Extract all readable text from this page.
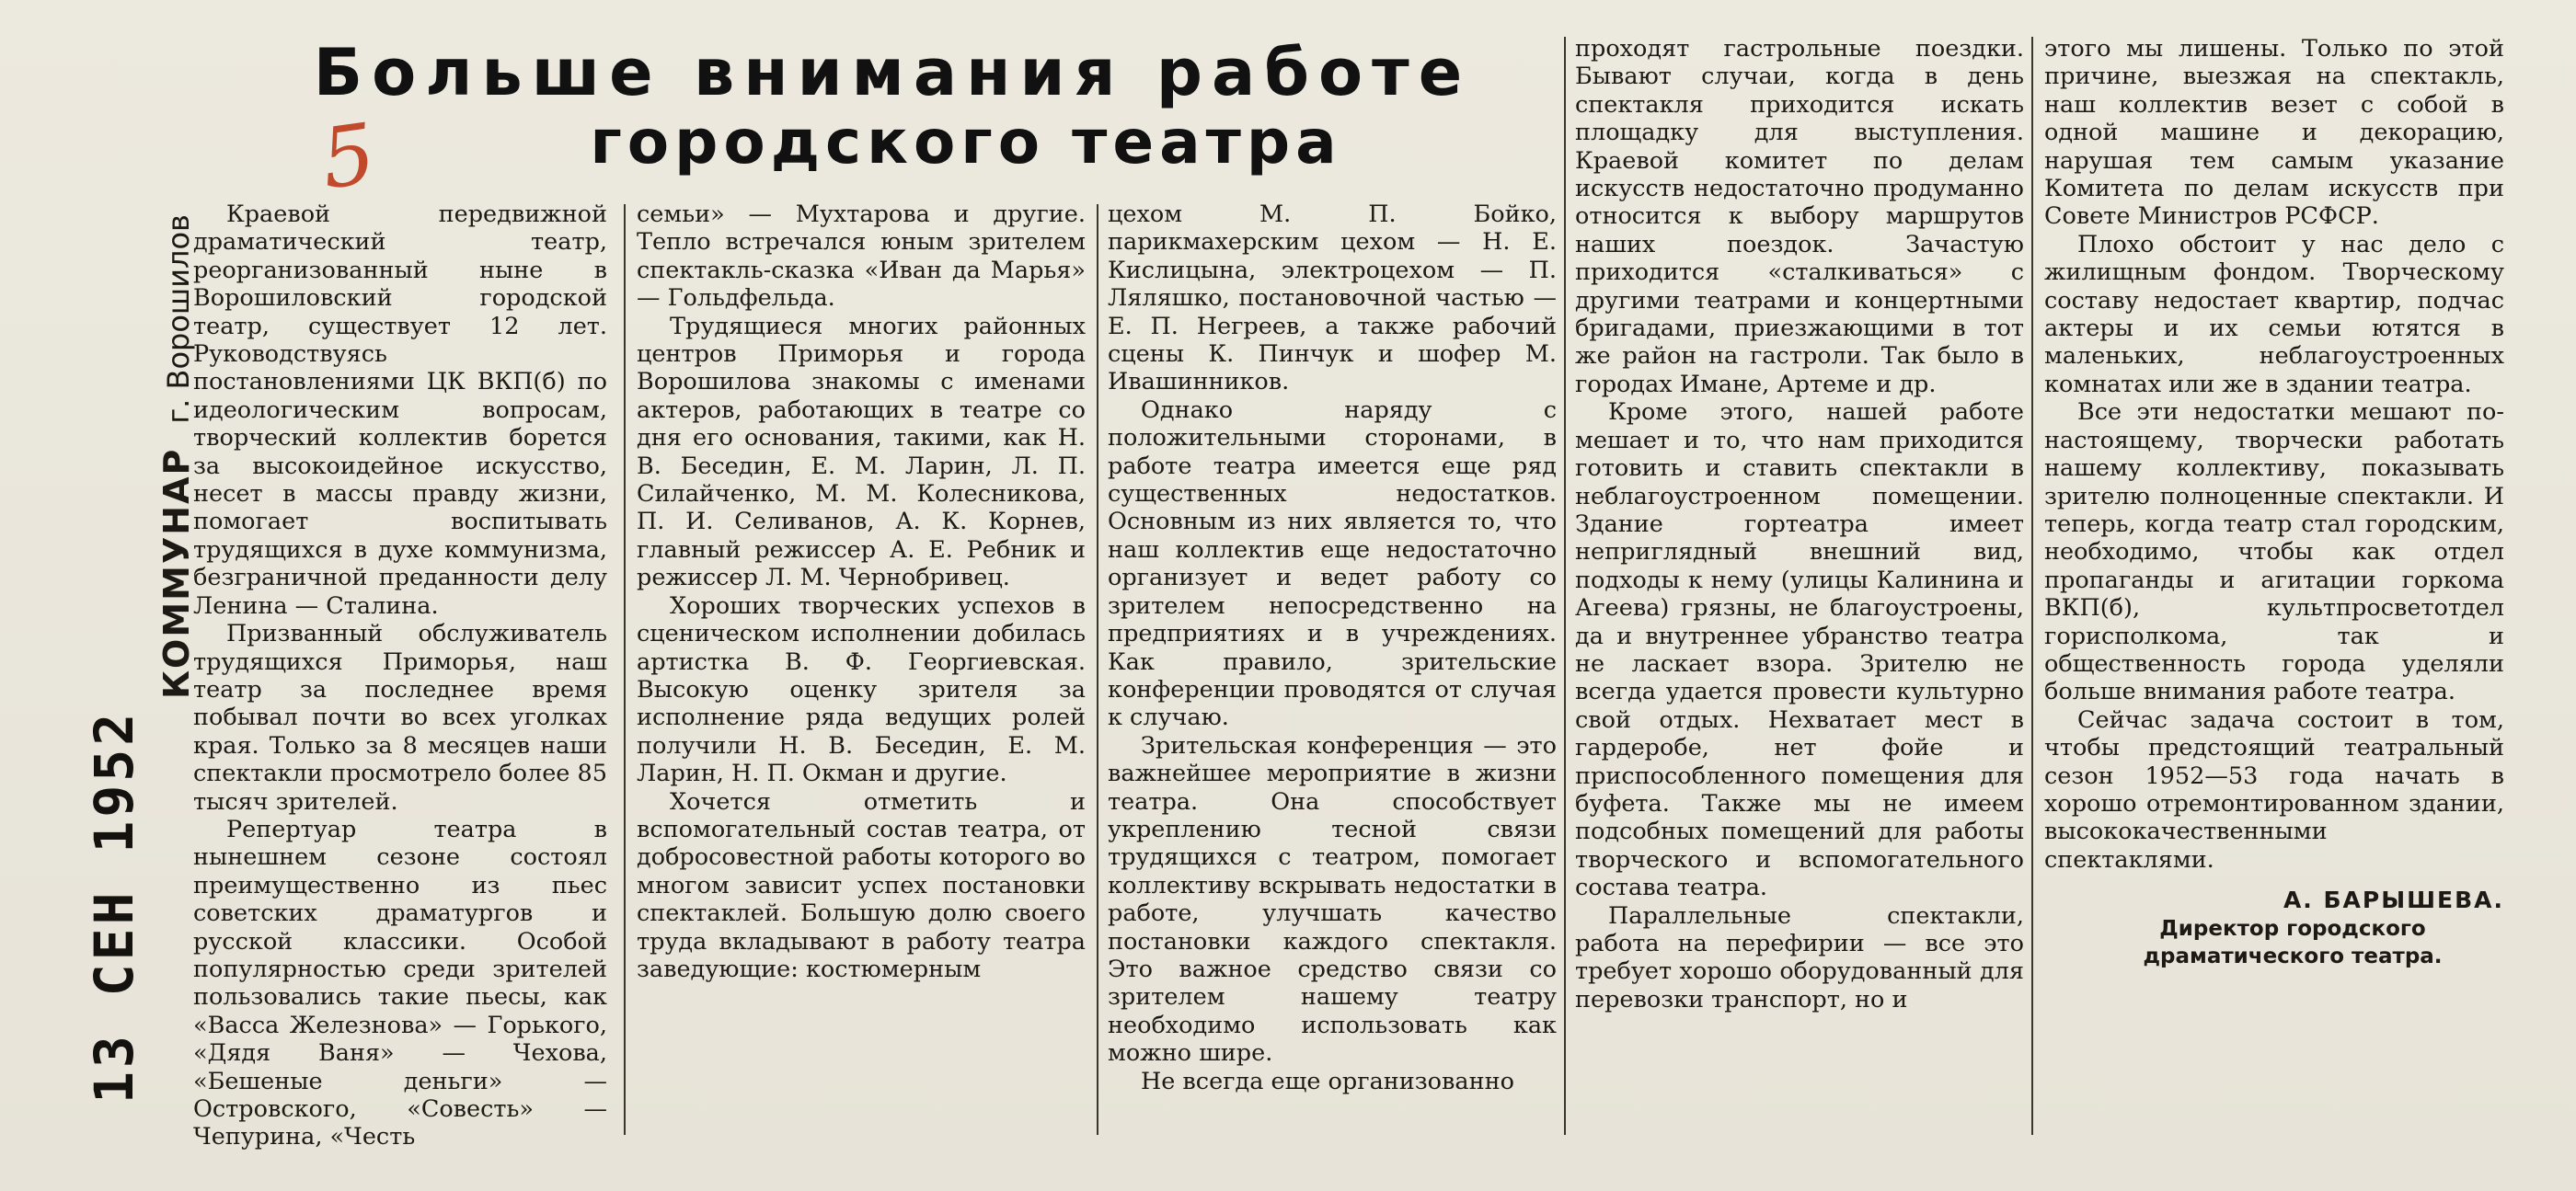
Больше внимания работе
городского театра
5
КОММУНАР
г. Ворошилов
13 СЕН 1952

Краевой передвижной драматический театр, реорганизованный ныне в Ворошиловский городской театр, существует 12 лет. Руководствуясь постановлениями ЦК ВКП(б) по идеологическим вопросам, творческий коллектив борется за высокоидейное искусство, несет в массы правду жизни, помогает воспитывать трудящихся в духе коммунизма, безграничной преданности делу Ленина — Сталина.

Призванный обслуживатель трудящихся Приморья, наш театр за последнее время побывал почти во всех уголках края. Только за 8 месяцев наши спектакли просмотрело более 85 тысяч зрителей.

Репертуар театра в нынешнем сезоне состоял преимущественно из пьес советских драматургов и русской классики. Особой популярностью среди зрителей пользовались такие пьесы, как «Васса Железнова» — Горького, «Дядя Ваня» — Чехова, «Бешеные деньги» — Островского, «Совесть» — Чепурина, «Честь

семьи» — Мухтарова и другие. Тепло встречался юным зрителем спектакль-сказка «Иван да Марья» — Гольдфельда.

Трудящиеся многих районных центров Приморья и города Ворошилова знакомы с именами актеров, работающих в театре со дня его основания, такими, как Н. В. Беседин, Е. М. Ларин, Л. П. Силайченко, М. М. Колесникова, П. И. Селиванов, А. К. Корнев, главный режиссер А. Е. Ребник и режиссер Л. М. Чернобривец.

Хороших творческих успехов в сценическом исполнении добилась артистка В. Ф. Георгиевская. Высокую оценку зрителя за исполнение ряда ведущих ролей получили Н. В. Беседин, Е. М. Ларин, Н. П. Окман и другие.

Хочется отметить и вспомогательный состав театра, от добросовестной работы которого во многом зависит успех постановки спектаклей. Большую долю своего труда вкладывают в работу театра заведующие: костюмерным

цехом М. П. Бойко, парикмахерским цехом — Н. Е. Кислицына, электроцехом — П. Ляляшко, постановочной частью — Е. П. Негреев, а также рабочий сцены К. Пинчук и шофер М. Ивашинников.

Однако наряду с положительными сторонами, в работе театра имеется еще ряд существенных недостатков. Основным из них является то, что наш коллектив еще недостаточно организует и ведет работу со зрителем непосредственно на предприятиях и в учреждениях. Как правило, зрительские конференции проводятся от случая к случаю.

Зрительская конференция — это важнейшее мероприятие в жизни театра. Она способствует укреплению тесной связи трудящихся с театром, помогает коллективу вскрывать недостатки в работе, улучшать качество постановки каждого спектакля. Это важное средство связи со зрителем нашему театру необходимо использовать как можно шире.

Не всегда еще организованно

проходят гастрольные поездки. Бывают случаи, когда в день спектакля приходится искать площадку для выступления. Краевой комитет по делам искусств недостаточно продуманно относится к выбору маршрутов наших поездок. Зачастую приходится «сталкиваться» с другими театрами и концертными бригадами, приезжающими в тот же район на гастроли. Так было в городах Имане, Артеме и др.

Кроме этого, нашей работе мешает и то, что нам приходится готовить и ставить спектакли в неблагоустроенном помещении. Здание гортеатра имеет неприглядный внешний вид, подходы к нему (улицы Калинина и Агеева) грязны, не благоустроены, да и внутреннее убранство театра не ласкает взора. Зрителю не всегда удается провести культурно свой отдых. Нехватает мест в гардеробе, нет фойе и приспособленного помещения для буфета. Также мы не имеем подсобных помещений для работы творческого и вспомогательного состава театра.

Параллельные спектакли, работа на перефирии — все это требует хорошо оборудованный для перевозки транспорт, но и

этого мы лишены. Только по этой причине, выезжая на спектакль, наш коллектив везет с собой в одной машине и декорацию, нарушая тем самым указание Комитета по делам искусств при Совете Министров РСФСР.

Плохо обстоит у нас дело с жилищным фондом. Творческому составу недостает квартир, подчас актеры и их семьи ютятся в маленьких, неблагоустроенных комнатах или же в здании театра.

Все эти недостатки мешают по-настоящему, творчески работать нашему коллективу, показывать зрителю полноценные спектакли. И теперь, когда театр стал городским, необходимо, чтобы как отдел пропаганды и агитации горкома ВКП(б), культпросветотдел горисполкома, так и общественность города уделяли больше внимания работе театра.

Сейчас задача состоит в том, чтобы предстоящий театральный сезон 1952—53 года начать в хорошо отремонтированном здании, высококачественными спектаклями.

А. БАРЫШЕВА.
Директор городского драматического театра.
